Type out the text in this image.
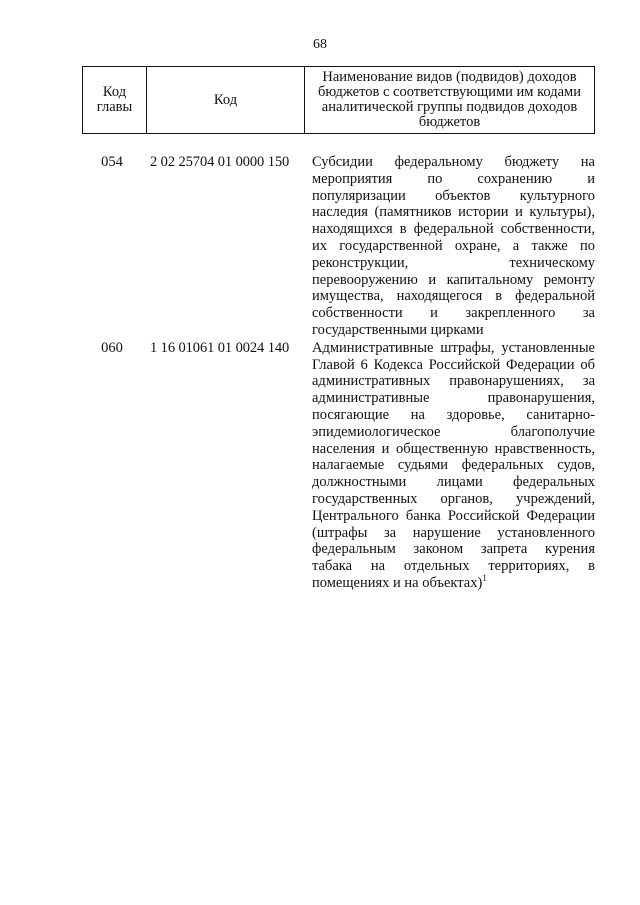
68
Код главы	Код	Наименование видов (подвидов) доходов бюджетов с соответствующими им кодами аналитической группы подвидов доходов бюджетов
054	2 02 25704 01 0000 150	Субсидии федеральному бюджету на мероприятия по сохранению и популяризации объектов культурного наследия (памятников истории и культуры), находящихся в федеральной собственности, их государственной охране, а также по реконструкции, техническому перевооружению и капитальному ремонту имущества, находящегося в федеральной собственности и закрепленного за государственными цирками
060	1 16 01061 01 0024 140	Административные штрафы, установленные Главой 6 Кодекса Российской Федерации об административных правонарушениях, за административные правонарушения, посягающие на здоровье, санитарно-эпидемиологическое благополучие населения и общественную нравственность, налагаемые судьями федеральных судов, должностными лицами федеральных государственных органов, учреждений, Центрального банка Российской Федерации (штрафы за нарушение установленного федеральным законом запрета курения табака на отдельных территориях, в помещениях и на объектах)$^1$
